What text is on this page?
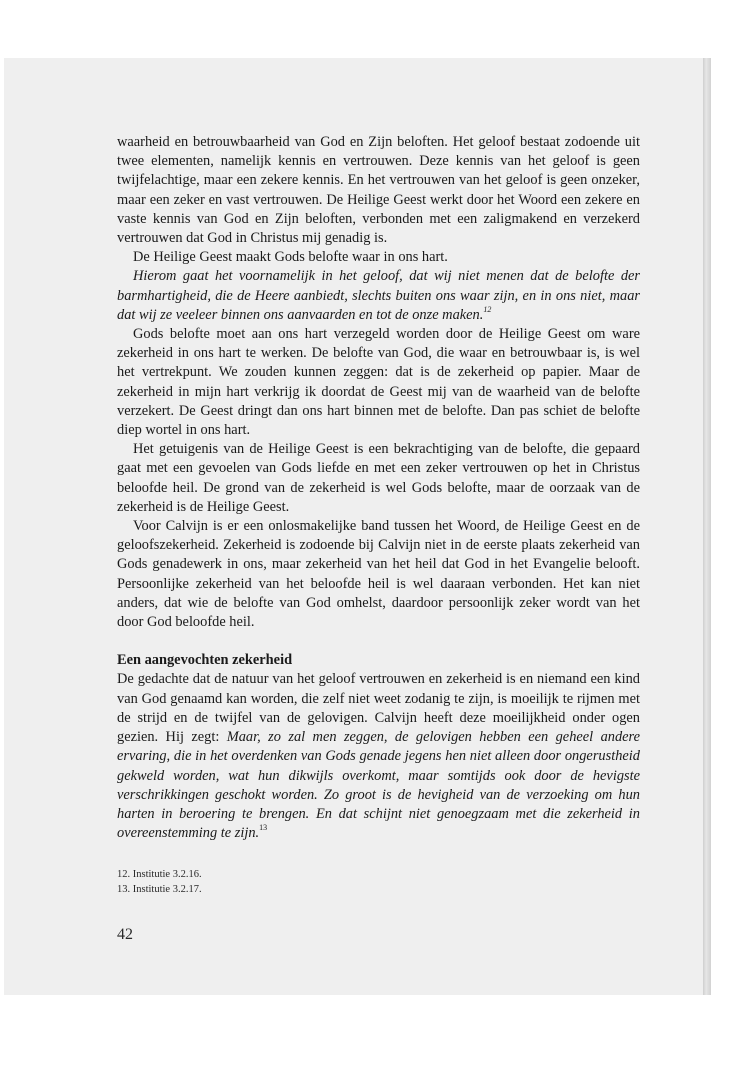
waarheid en betrouwbaarheid van God en Zijn beloften. Het geloof bestaat zodoende uit twee elementen, namelijk kennis en vertrouwen. Deze kennis van het geloof is geen twijfelachtige, maar een zekere kennis. En het vertrouwen van het geloof is geen onzeker, maar een zeker en vast vertrouwen. De Heilige Geest werkt door het Woord een zekere en vaste kennis van God en Zijn beloften, verbonden met een zaligmakend en verzekerd vertrouwen dat God in Christus mij genadig is.

De Heilige Geest maakt Gods belofte waar in ons hart.

Hierom gaat het voornamelijk in het geloof, dat wij niet menen dat de belofte der barmhartigheid, die de Heere aanbiedt, slechts buiten ons waar zijn, en in ons niet, maar dat wij ze veeleer binnen ons aanvaarden en tot de onze maken.$^{12}$

Gods belofte moet aan ons hart verzegeld worden door de Heilige Geest om ware zekerheid in ons hart te werken. De belofte van God, die waar en betrouwbaar is, is wel het vertrekpunt. We zouden kunnen zeggen: dat is de zekerheid op papier. Maar de zekerheid in mijn hart verkrijg ik doordat de Geest mij van de waarheid van de belofte verzekert. De Geest dringt dan ons hart binnen met de belofte. Dan pas schiet de belofte diep wortel in ons hart.

Het getuigenis van de Heilige Geest is een bekrachtiging van de belofte, die gepaard gaat met een gevoelen van Gods liefde en met een zeker vertrouwen op het in Christus beloofde heil. De grond van de zekerheid is wel Gods belofte, maar de oorzaak van de zekerheid is de Heilige Geest.

Voor Calvijn is er een onlosmakelijke band tussen het Woord, de Heilige Geest en de geloofszekerheid. Zekerheid is zodoende bij Calvijn niet in de eerste plaats zekerheid van Gods genadewerk in ons, maar zekerheid van het heil dat God in het Evangelie belooft. Persoonlijke zekerheid van het beloofde heil is wel daaraan verbonden. Het kan niet anders, dat wie de belofte van God omhelst, daardoor persoonlijk zeker wordt van het door God beloofde heil.

Een aangevochten zekerheid

De gedachte dat de natuur van het geloof vertrouwen en zekerheid is en niemand een kind van God genaamd kan worden, die zelf niet weet zodanig te zijn, is moeilijk te rijmen met de strijd en de twijfel van de gelovigen. Calvijn heeft deze moeilijkheid onder ogen gezien. Hij zegt: Maar, zo zal men zeggen, de gelovigen hebben een geheel andere ervaring, die in het overdenken van Gods genade jegens hen niet alleen door ongerustheid gekweld worden, wat hun dikwijls overkomt, maar somtijds ook door de hevigste verschrikkingen geschokt worden. Zo groot is de hevigheid van de verzoeking om hun harten in beroering te brengen. En dat schijnt niet genoegzaam met die zekerheid in overeenstemming te zijn.$^{13}$

12. Institutie 3.2.16.
13. Institutie 3.2.17.
42
